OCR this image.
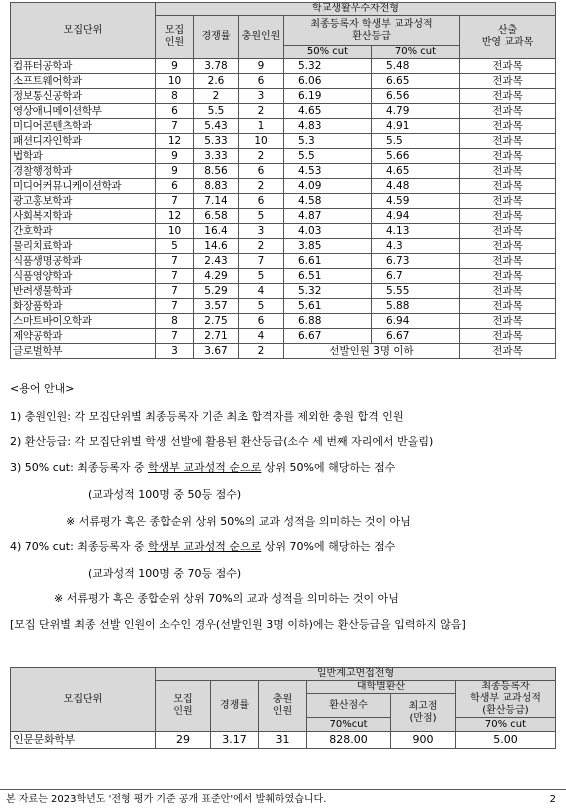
모집단위	학교생활우수자전형					
	모집
인원	경쟁률	충원인원	최종등록자 학생부 교과성적
환산등급		산출
반영 교과목
				50% cut	70% cut	
컴퓨터공학과	9	3.78	9	5.32	5.48	전과목
소프트웨어학과	10	2.6	6	6.06	6.65	전과목
정보통신공학과	8	2	3	6.19	6.56	전과목
영상애니메이션학부	6	5.5	2	4.65	4.79	전과목
미디어콘텐츠학과	7	5.43	1	4.83	4.91	전과목
패션디자인학과	12	5.33	10	5.3	5.5	전과목
법학과	9	3.33	2	5.5	5.66	전과목
경찰행정학과	9	8.56	6	4.53	4.65	전과목
미디어커뮤니케이션학과	6	8.83	2	4.09	4.48	전과목
광고홍보학과	7	7.14	6	4.58	4.59	전과목
사회복지학과	12	6.58	5	4.87	4.94	전과목
간호학과	10	16.4	3	4.03	4.13	전과목
물리치료학과	5	14.6	2	3.85	4.3	전과목
식품생명공학과	7	2.43	7	6.61	6.73	전과목
식품영양학과	7	4.29	5	6.51	6.7	전과목
반려생물학과	7	5.29	4	5.32	5.55	전과목
화장품학과	7	3.57	5	5.61	5.88	전과목
스마트바이오학과	8	2.75	6	6.88	6.94	전과목
제약공학과	7	2.71	4	6.67	6.67	전과목
글로벌학부	3	3.67	2	선발인원 3명 이하		전과목
<용어 안내>
1) 충원인원: 각 모집단위별 최종등록자 기준 최초 합격자를 제외한 충원 합격 인원
2) 환산등급: 각 모집단위별 학생 선발에 활용된 환산등급(소수 세 번째 자리에서 반올림)
3) 50% cut: 최종등록자 중 학생부 교과성적 순으로 상위 50%에 해당하는 점수
(교과성적 100명 중 50등 점수)
※ 서류평가 혹은 종합순위 상위 50%의 교과 성적을 의미하는 것이 아님
4) 70% cut: 최종등록자 중 학생부 교과성적 순으로 상위 70%에 해당하는 점수
(교과성적 100명 중 70등 점수)
※ 서류평가 혹은 종합순위 상위 70%의 교과 성적을 의미하는 것이 아님
[모집 단위별 최종 선발 인원이 소수인 경우(선발인원 3명 이하)에는 환산등급을 입력하지 않음]
모집단위	일반계고면접전형					
	모집
인원	경쟁률	충원
인원	대학별환산		최종등록자
학생부 교과성적
(환산등급)
				환산점수	최고점
(만점)	
				70%cut		70% cut
인문문화학부	29	3.17	31	828.00	900	5.00
본 자료는 2023학년도 '전형 평가 기준 공개 표준안'에서 발췌하였습니다.	2
